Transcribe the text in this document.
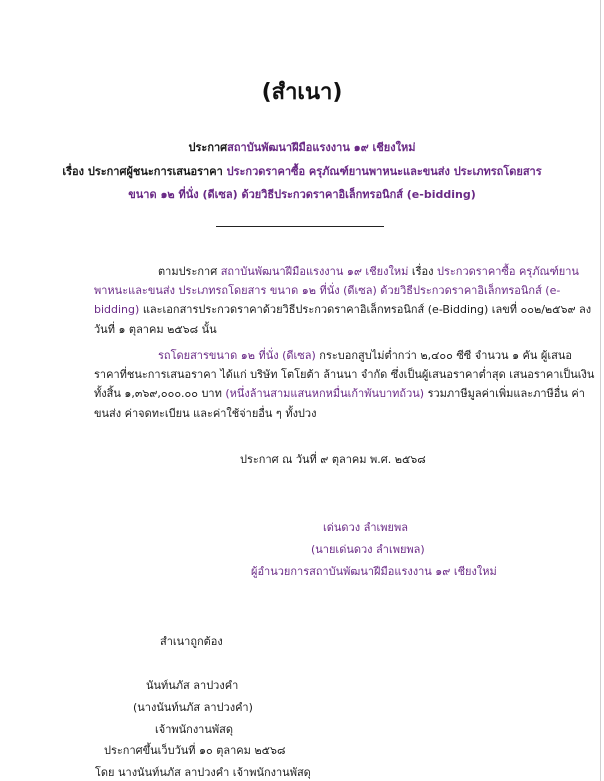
(สำเนา)
ประกาศสถาบันพัฒนาฝีมือแรงงาน ๑๙ เชียงใหม่
เรื่อง ประกาศผู้ชนะการเสนอราคา ประกวดราคาซื้อ ครุภัณฑ์ยานพาหนะและขนส่ง ประเภทรถโดยสาร
ขนาด ๑๒ ที่นั่ง (ดีเซล) ด้วยวิธีประกวดราคาอิเล็กทรอนิกส์ (e-bidding)
ตามประกาศ สถาบันพัฒนาฝีมือแรงงาน ๑๙ เชียงใหม่ เรื่อง ประกวดราคาซื้อ ครุภัณฑ์ยาน
พาหนะและขนส่ง ประเภทรถโดยสาร ขนาด ๑๒ ที่นั่ง (ดีเซล) ด้วยวิธีประกวดราคาอิเล็กทรอนิกส์ (e-
bidding) และเอกสารประกวดราคาด้วยวิธีประกวดราคาอิเล็กทรอนิกส์ (e-Bidding) เลขที่ ๐๐๒/๒๕๖๙ ลง
วันที่ ๑ ตุลาคม ๒๕๖๘ นั้น
รถโดยสารขนาด ๑๒ ที่นั่ง (ดีเซล) กระบอกสูบไม่ต่ำกว่า ๒,๔๐๐ ซีซี จำนวน ๑ คัน ผู้เสนอ
ราคาที่ชนะการเสนอราคา ได้แก่ บริษัท โตโยต้า ล้านนา จำกัด ซึ่งเป็นผู้เสนอราคาต่ำสุด เสนอราคาเป็นเงิน
ทั้งสิ้น ๑,๓๖๙,๐๐๐.๐๐ บาท (หนึ่งล้านสามแสนหกหมื่นเก้าพันบาทถ้วน) รวมภาษีมูลค่าเพิ่มและภาษีอื่น ค่า
ขนส่ง ค่าจดทะเบียน และค่าใช้จ่ายอื่น ๆ ทั้งปวง
ประกาศ ณ วันที่ ๙ ตุลาคม พ.ศ. ๒๕๖๘
เด่นดวง ลำเพยพล
(นายเด่นดวง ลำเพยพล)
ผู้อำนวยการสถาบันพัฒนาฝีมือแรงงาน ๑๙ เชียงใหม่
สำเนาถูกต้อง
นันท์นภัส ลาปวงคำ
(นางนันท์นภัส ลาปวงคำ)
เจ้าพนักงานพัสดุ
ประกาศขึ้นเว็บวันที่ ๑๐ ตุลาคม ๒๕๖๘
โดย นางนันท์นภัส ลาปวงคำ เจ้าพนักงานพัสดุ
